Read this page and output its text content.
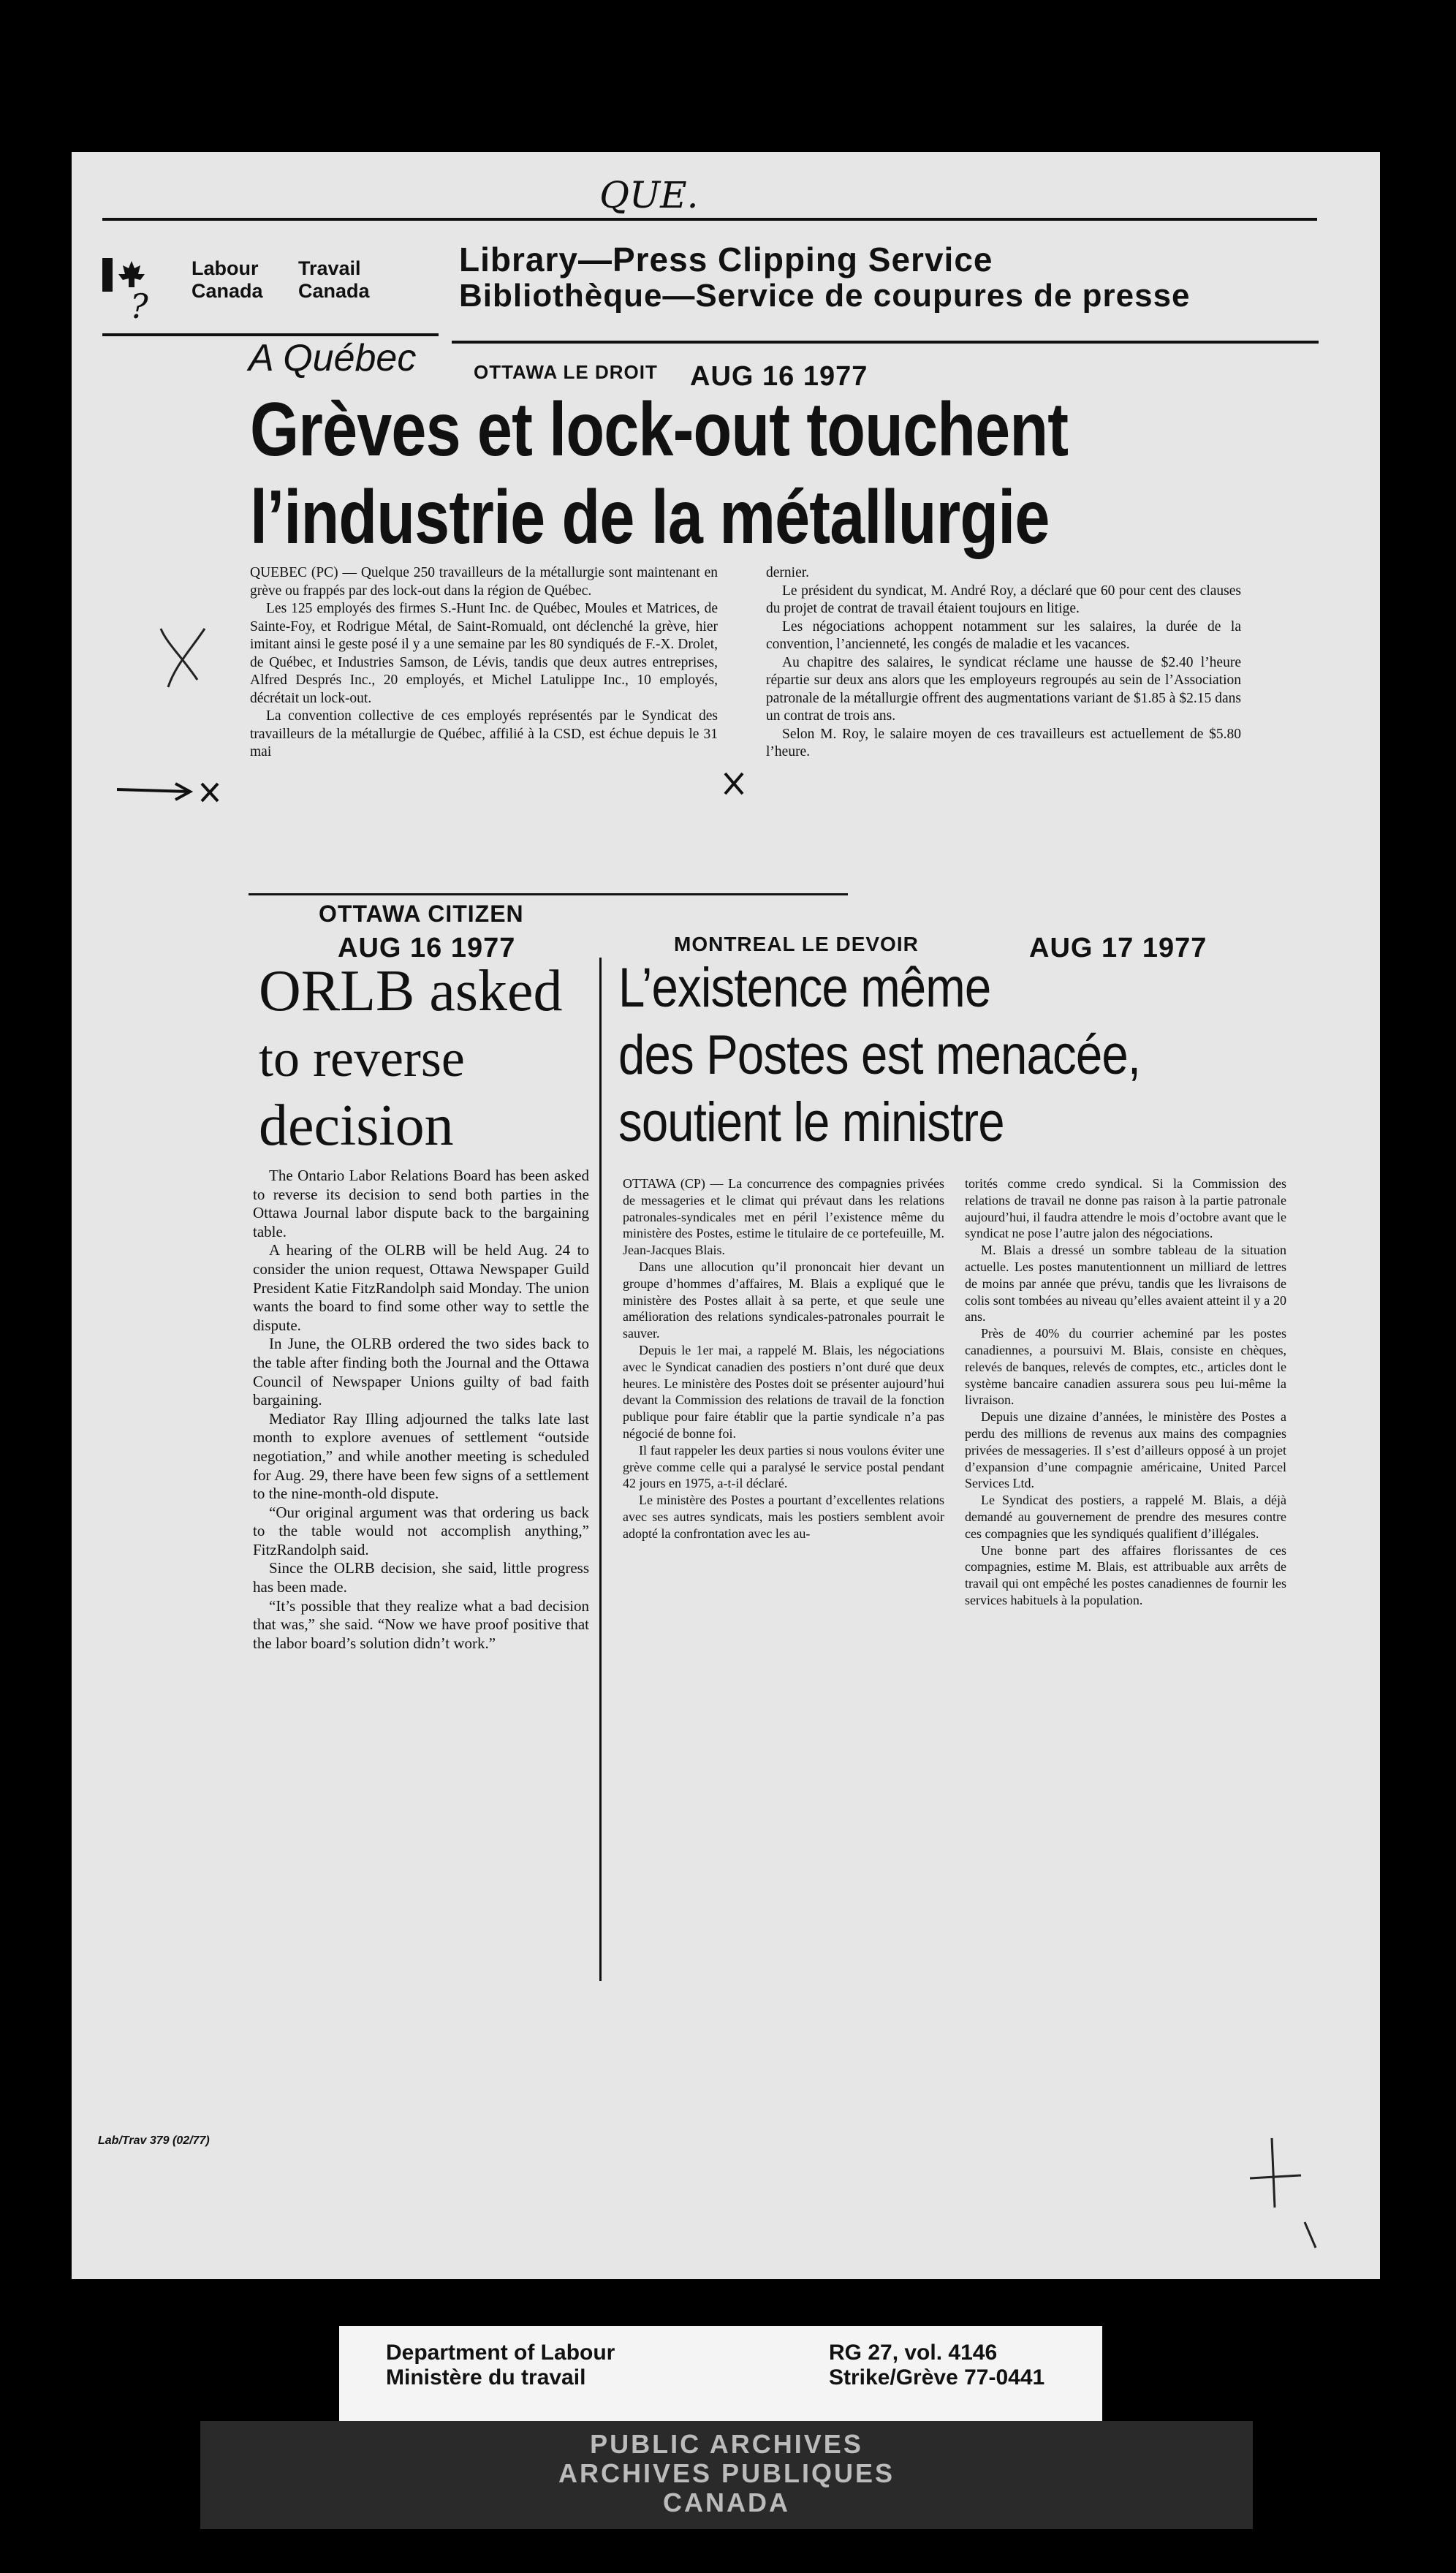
QUE.
?
Labour
Canada
Travail
Canada
Library—Press Clipping Service
Bibliothèque—Service de coupures de presse
A Québec	OTTAWA LE DROIT AUG 16 1977
Grèves et lock-out touchent
l’industrie de la métallurgie

QUEBEC (PC) — Quelque 250 travailleurs de la métallurgie sont maintenant en grève ou frappés par des lock-out dans la région de Québec.

Les 125 employés des firmes S.-Hunt Inc. de Québec, Moules et Matrices, de Sainte-Foy, et Rodrigue Métal, de Saint-Romuald, ont déclenché la grève, hier imitant ainsi le geste posé il y a une semaine par les 80 syndiqués de F.-X. Drolet, de Québec, et Industries Samson, de Lévis, tandis que deux autres entreprises, Alfred Després Inc., 20 employés, et Michel Latulippe Inc., 10 employés, décrétait un lock-out.

La convention collective de ces employés représentés par le Syndicat des travailleurs de la métallurgie de Québec, affilié à la CSD, est échue depuis le 31 mai

dernier.

Le président du syndicat, M. André Roy, a déclaré que 60 pour cent des clauses du projet de contrat de travail étaient toujours en litige.

Les négociations achoppent notamment sur les salaires, la durée de la convention, l’ancienneté, les congés de maladie et les vacances.

Au chapitre des salaires, le syndicat réclame une hausse de $2.40 l’heure répartie sur deux ans alors que les employeurs regroupés au sein de l’Association patronale de la métallurgie offrent des augmentations variant de $1.85 à $2.15 dans un contrat de trois ans.

Selon M. Roy, le salaire moyen de ces travailleurs est actuellement de $5.80 l’heure.

OTTAWA CITIZEN
AUG 16 1977
ORLB asked
to reverse
decision

The Ontario Labor Relations Board has been asked to reverse its decision to send both parties in the Ottawa Journal labor dispute back to the bargaining table.

A hearing of the OLRB will be held Aug. 24 to consider the union request, Ottawa Newspaper Guild President Katie FitzRandolph said Monday. The union wants the board to find some other way to settle the dispute.

In June, the OLRB ordered the two sides back to the table after finding both the Journal and the Ottawa Council of Newspaper Unions guilty of bad faith bargaining.

Mediator Ray Illing adjourned the talks late last month to explore avenues of settlement “outside negotiation,” and while another meeting is scheduled for Aug. 29, there have been few signs of a settlement to the nine-month-old dispute.

“Our original argument was that ordering us back to the table would not accomplish anything,” FitzRandolph said.

Since the OLRB decision, she said, little progress has been made.

“It’s possible that they realize what a bad decision that was,” she said. “Now we have proof positive that the labor board’s solution didn’t work.”

MONTREAL LE DEVOIR	AUG 17 1977
L’existence même
des Postes est menacée,
soutient le ministre

OTTAWA (CP) — La concurrence des compagnies privées de messageries et le climat qui prévaut dans les relations patronales-syndicales met en péril l’existence même du ministère des Postes, estime le titulaire de ce portefeuille, M. Jean-Jacques Blais.

Dans une allocution qu’il prononcait hier devant un groupe d’hommes d’affaires, M. Blais a expliqué que le ministère des Postes allait à sa perte, et que seule une amélioration des relations syndicales-patronales pourrait le sauver.

Depuis le 1er mai, a rappelé M. Blais, les négociations avec le Syndicat canadien des postiers n’ont duré que deux heures. Le ministère des Postes doit se présenter aujourd’hui devant la Commission des relations de travail de la fonction publique pour faire établir que la partie syndicale n’a pas négocié de bonne foi.

Il faut rappeler les deux parties si nous voulons éviter une grève comme celle qui a paralysé le service postal pendant 42 jours en 1975, a-t-il déclaré.

Le ministère des Postes a pourtant d’excellentes relations avec ses autres syndicats, mais les postiers semblent avoir adopté la confrontation avec les au-

torités comme credo syndical. Si la Commission des relations de travail ne donne pas raison à la partie patronale aujourd’hui, il faudra attendre le mois d’octobre avant que le syndicat ne pose l’autre jalon des négociations.

M. Blais a dressé un sombre tableau de la situation actuelle. Les postes manutentionnent un milliard de lettres de moins par année que prévu, tandis que les livraisons de colis sont tombées au niveau qu’elles avaient atteint il y a 20 ans.

Près de 40% du courrier acheminé par les postes canadiennes, a poursuivi M. Blais, consiste en chèques, relevés de banques, relevés de comptes, etc., articles dont le système bancaire canadien assurera sous peu lui-même la livraison.

Depuis une dizaine d’années, le ministère des Postes a perdu des millions de revenus aux mains des compagnies privées de messageries. Il s’est d’ailleurs opposé à un projet d’expansion d’une compagnie américaine, United Parcel Services Ltd.

Le Syndicat des postiers, a rappelé M. Blais, a déjà demandé au gouvernement de prendre des mesures contre ces compagnies que les syndiqués qualifient d’illégales.

Une bonne part des affaires florissantes de ces compagnies, estime M. Blais, est attribuable aux arrêts de travail qui ont empêché les postes canadiennes de fournir les services habituels à la population.

Lab/Trav 379 (02/77)
Department of Labour
Ministère du travail
RG 27, vol. 4146
Strike/Grève 77-0441
PUBLIC ARCHIVES
ARCHIVES PUBLIQUES
CANADA
